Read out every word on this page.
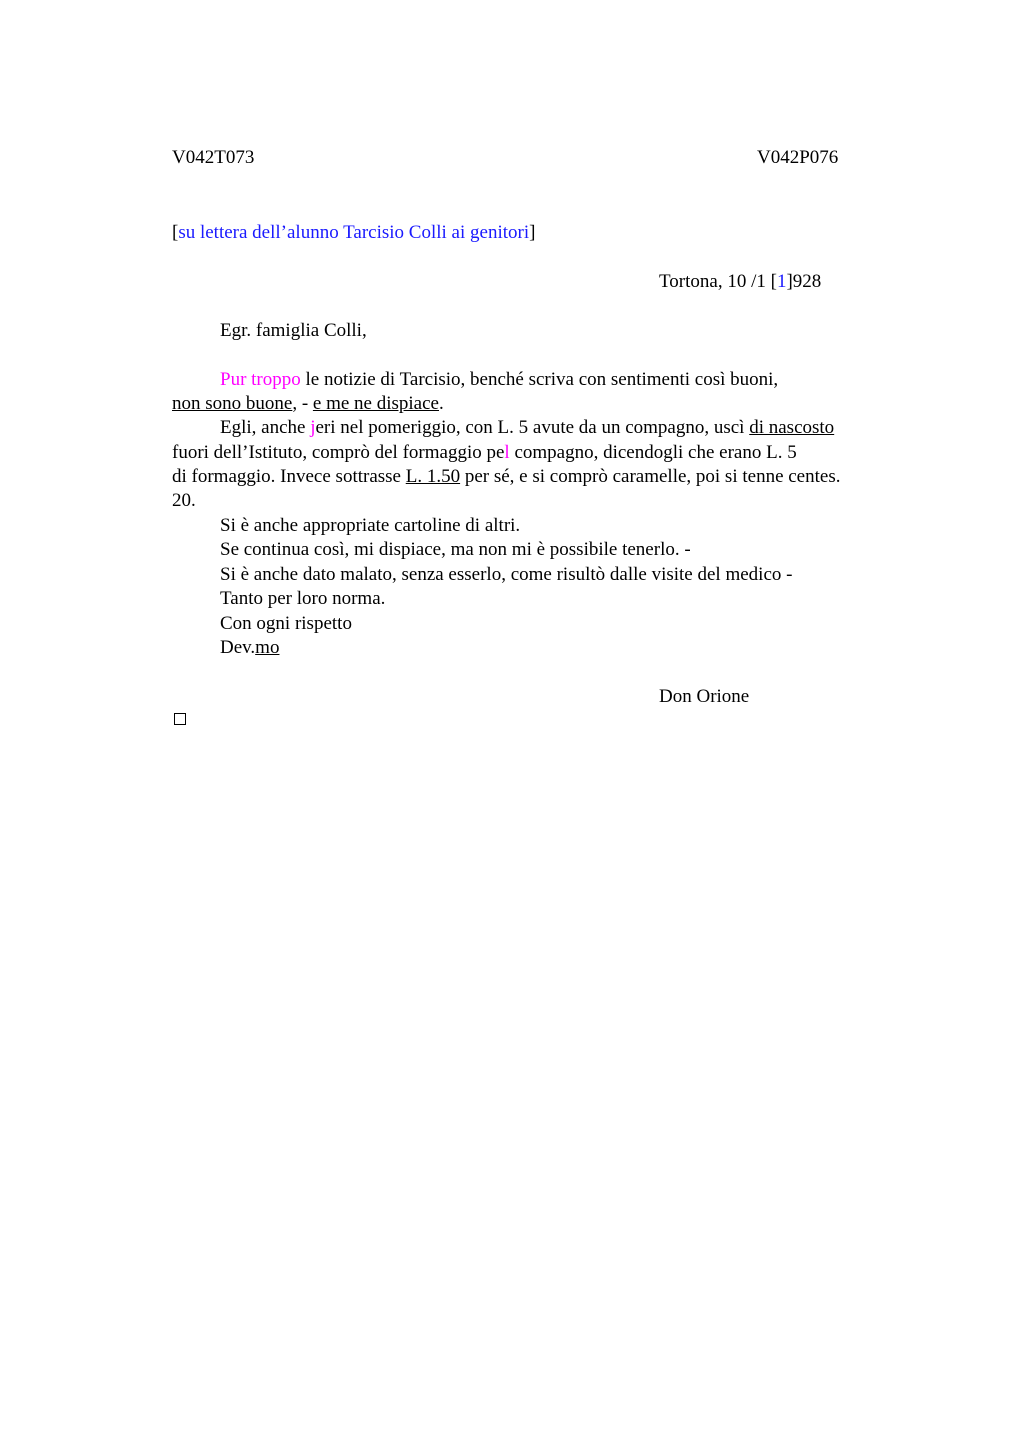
V042T073	V042P076
[su lettera dell’alunno Tarcisio Colli ai genitori]
Tortona, 10 /1 [1]928
Egr. famiglia Colli,
Pur troppo le notizie di Tarcisio, benché scriva con sentimenti così buoni,
non sono buone, - e me ne dispiace.
Egli, anche jeri nel pomeriggio, con L. 5 avute da un compagno, uscì di nascosto
fuori dell’Istituto, comprò del formaggio pel compagno, dicendogli che erano L. 5
di formaggio. Invece sottrasse L. 1.50 per sé, e si comprò caramelle, poi si tenne centes.
20.
Si è anche appropriate cartoline di altri.
Se continua così, mi dispiace, ma non mi è possibile tenerlo. -
Si è anche dato malato, senza esserlo, come risultò dalle visite del medico -
Tanto per loro norma.
Con ogni rispetto
Dev.mo
Don Orione
